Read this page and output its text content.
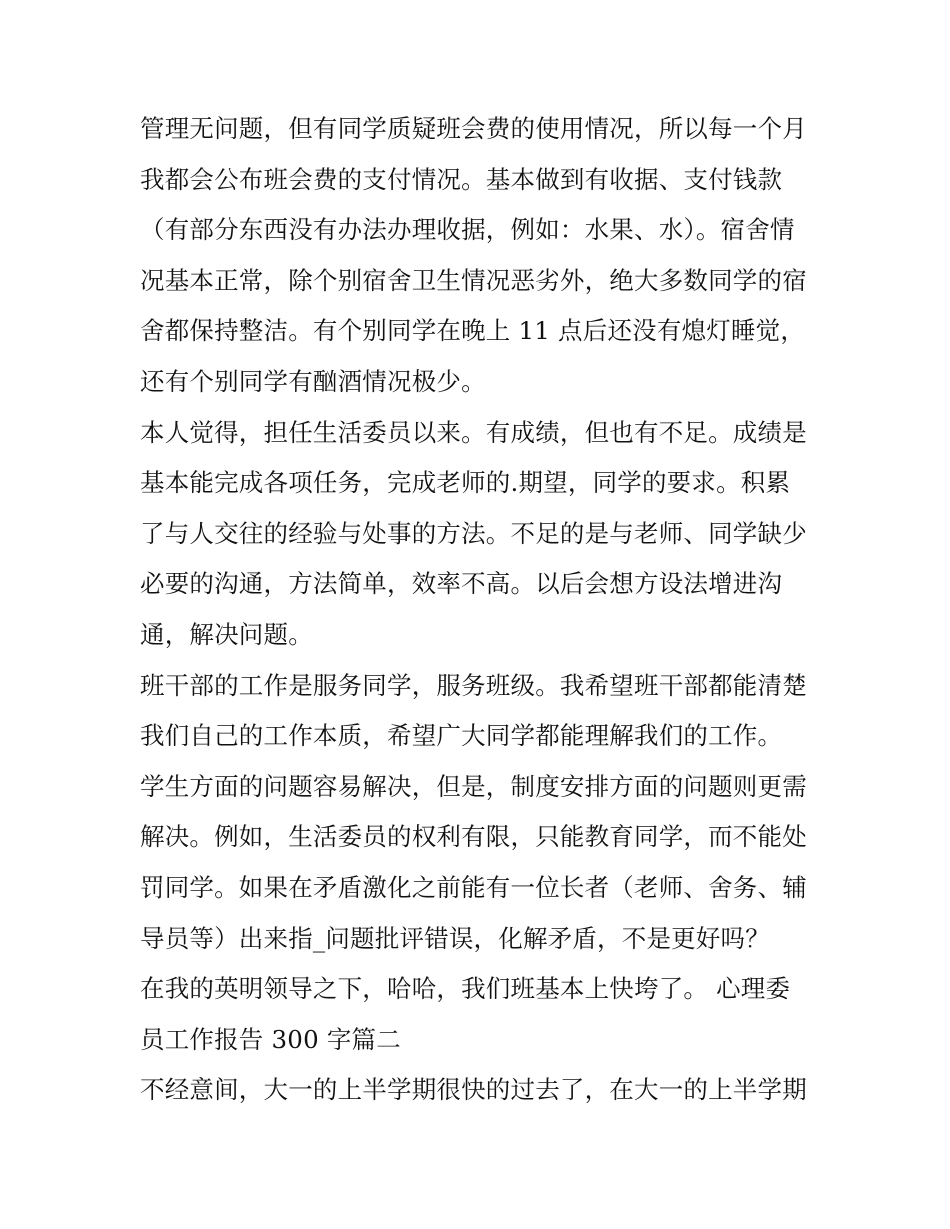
管理无问题，但有同学质疑班会费的使用情况，所以每一个月
我都会公布班会费的支付情况。基本做到有收据、支付钱款
（有部分东西没有办法办理收据，例如：水果、水）。宿舍情
况基本正常，除个别宿舍卫生情况恶劣外，绝大多数同学的宿
舍都保持整洁。有个别同学在晚上 11 点后还没有熄灯睡觉，
还有个别同学有酗酒情况极少。
本人觉得，担任生活委员以来。有成绩，但也有不足。成绩是
基本能完成各项任务，完成老师的.期望，同学的要求。积累
了与人交往的经验与处事的方法。不足的是与老师、同学缺少
必要的沟通，方法简单，效率不高。以后会想方设法增进沟
通，解决问题。
班干部的工作是服务同学，服务班级。我希望班干部都能清楚
我们自己的工作本质，希望广大同学都能理解我们的工作。
学生方面的问题容易解决，但是，制度安排方面的问题则更需
解决。例如，生活委员的权利有限，只能教育同学，而不能处
罚同学。如果在矛盾激化之前能有一位长者（老师、舍务、辅
导员等）出来指_问题批评错误，化解矛盾，不是更好吗？
在我的英明领导之下，哈哈，我们班基本上快垮了。 心理委
员工作报告 300 字篇二
不经意间，大一的上半学期很快的过去了，在大一的上半学期
